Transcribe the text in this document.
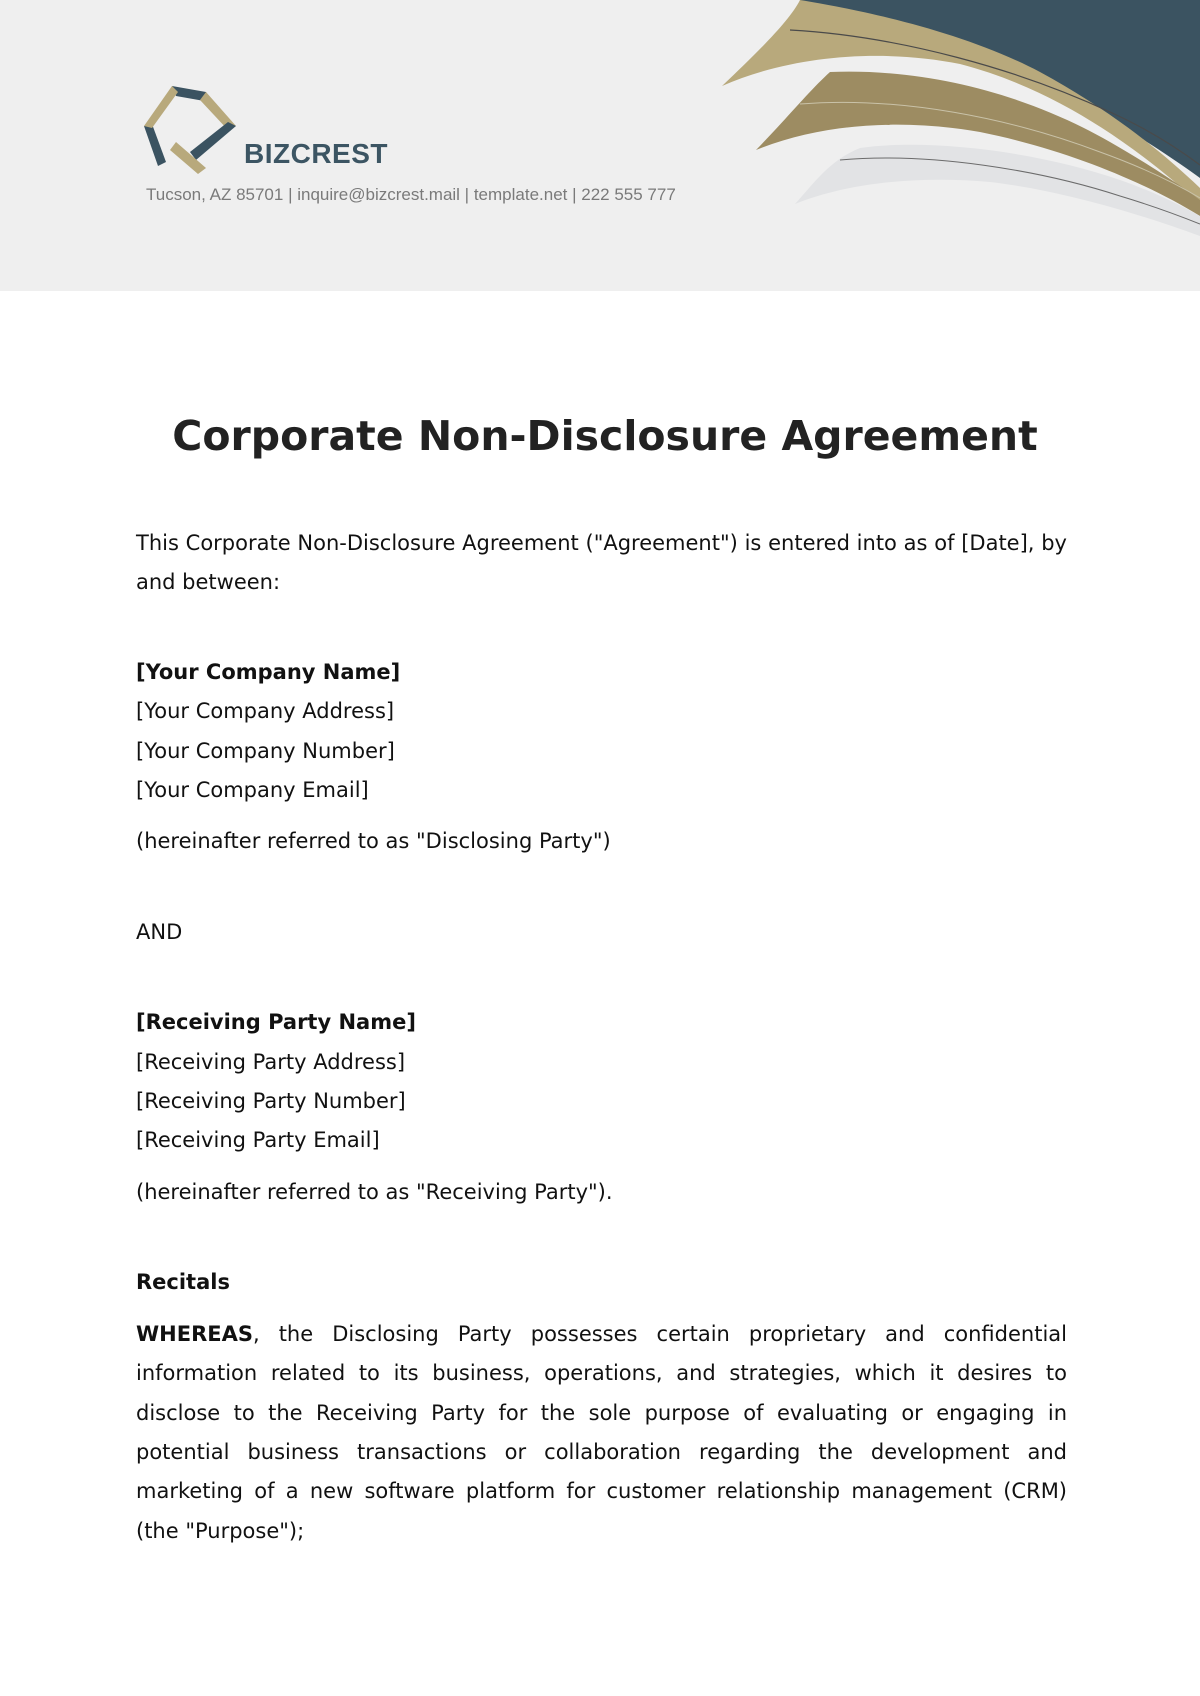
BIZCREST
Tucson, AZ 85701 | inquire@bizcrest.mail | template.net | 222 555 777
Corporate Non-Disclosure Agreement

This Corporate Non-Disclosure Agreement ("Agreement") is entered into as of [Date], by and between:

[Your Company Name]

[Your Company Address]

[Your Company Number]

[Your Company Email]

(hereinafter referred to as "Disclosing Party")

AND

[Receiving Party Name]

[Receiving Party Address]

[Receiving Party Number]

[Receiving Party Email]

(hereinafter referred to as "Receiving Party").

Recitals

WHEREAS, the Disclosing Party possesses certain proprietary and confidential information related to its business, operations, and strategies, which it desires to disclose to the Receiving Party for the sole purpose of evaluating or engaging in potential business transactions or collaboration regarding the development and marketing of a new software platform for customer relationship management (CRM) (the "Purpose");
